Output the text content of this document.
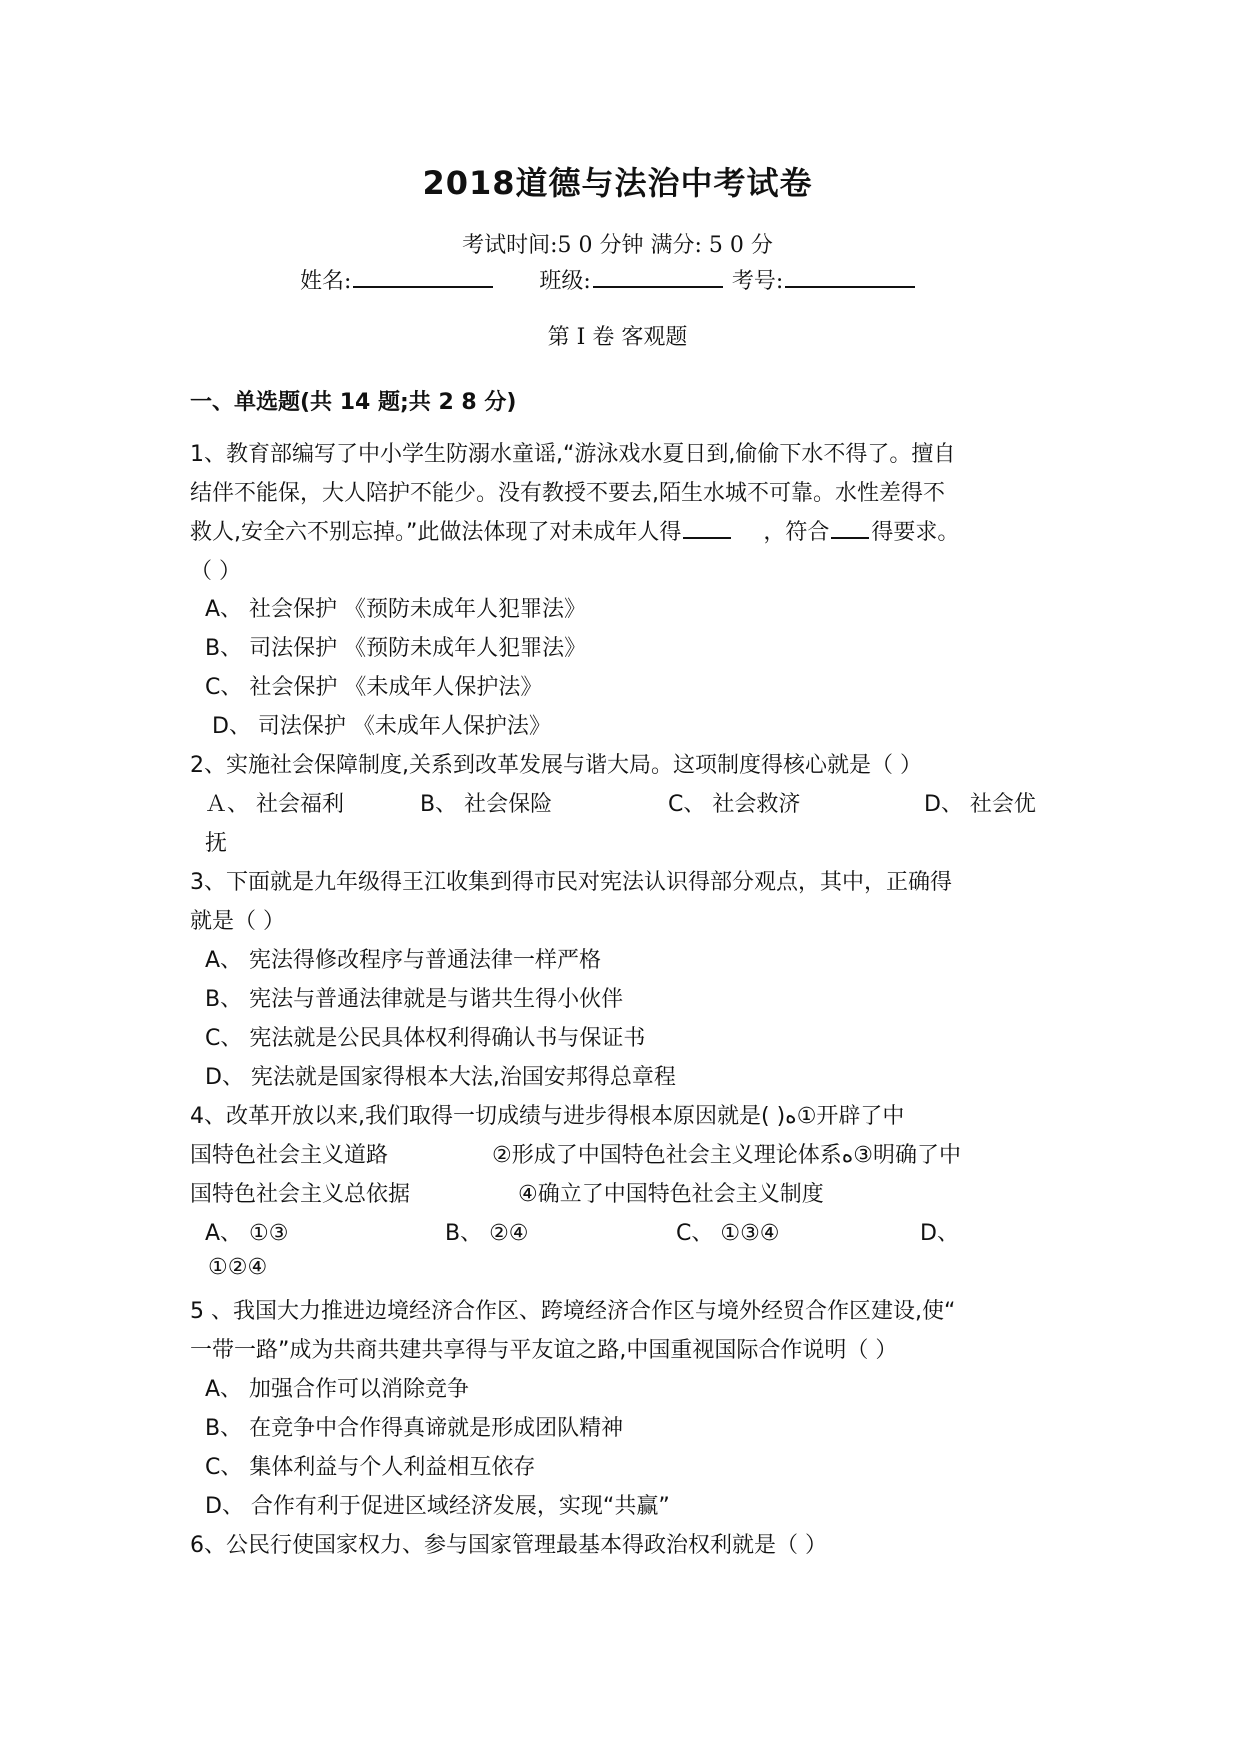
2018道德与法治中考试卷
考试时间:5 0 分钟 满分: 5 0 分
姓名:	班级:	考号:
第 I 卷 客观题
一、单选题(共 14 题;共 2 8 分)
1、教育部编写了中小学生防溺水童谣,“游泳戏水夏日到,偷偷下水不得了。擅自
结伴不能保，大人陪护不能少。没有教授不要去,陌生水城不可靠。水性差得不
救人,安全六不别忘掉。”此做法体现了对未成年人得	，符合 得要求。
（ ）
A、 社会保护 《预防未成年人犯罪法》
B、 司法保护 《预防未成年人犯罪法》
C、 社会保护 《未成年人保护法》
D、 司法保护 《未成年人保护法》
2、实施社会保障制度,关系到改革发展与谐大局。这项制度得核心就是（ ）
Ａ、 社会福利	B、 社会保险	C、 社会救济	D、 社会优
抚
3、下面就是九年级得王江收集到得市民对宪法认识得部分观点，其中，正确得
就是（ ）
A、 宪法得修改程序与普通法律一样严格
B、 宪法与普通法律就是与谐共生得小伙伴
C、 宪法就是公民具体权利得确认书与保证书
D、 宪法就是国家得根本大法,治国安邦得总章程
4、改革开放以来,我们取得一切成绩与进步得根本原因就是( )ﻩ①开辟了中
国特色社会主义道路	②形成了中国特色社会主义理论体系ﻩ③明确了中
国特色社会主义总依据	④确立了中国特色社会主义制度
A、 ①③	B、 ②④	C、 ①③④	D、
①②④
5 、我国大力推进边境经济合作区、跨境经济合作区与境外经贸合作区建设,使“
一带一路”成为共商共建共享得与平友谊之路,中国重视国际合作说明（ ）
A、 加强合作可以消除竞争
B、 在竞争中合作得真谛就是形成团队精神
C、 集体利益与个人利益相互依存
D、 合作有利于促进区域经济发展，实现“共赢”
6、公民行使国家权力、参与国家管理最基本得政治权利就是（ ）
